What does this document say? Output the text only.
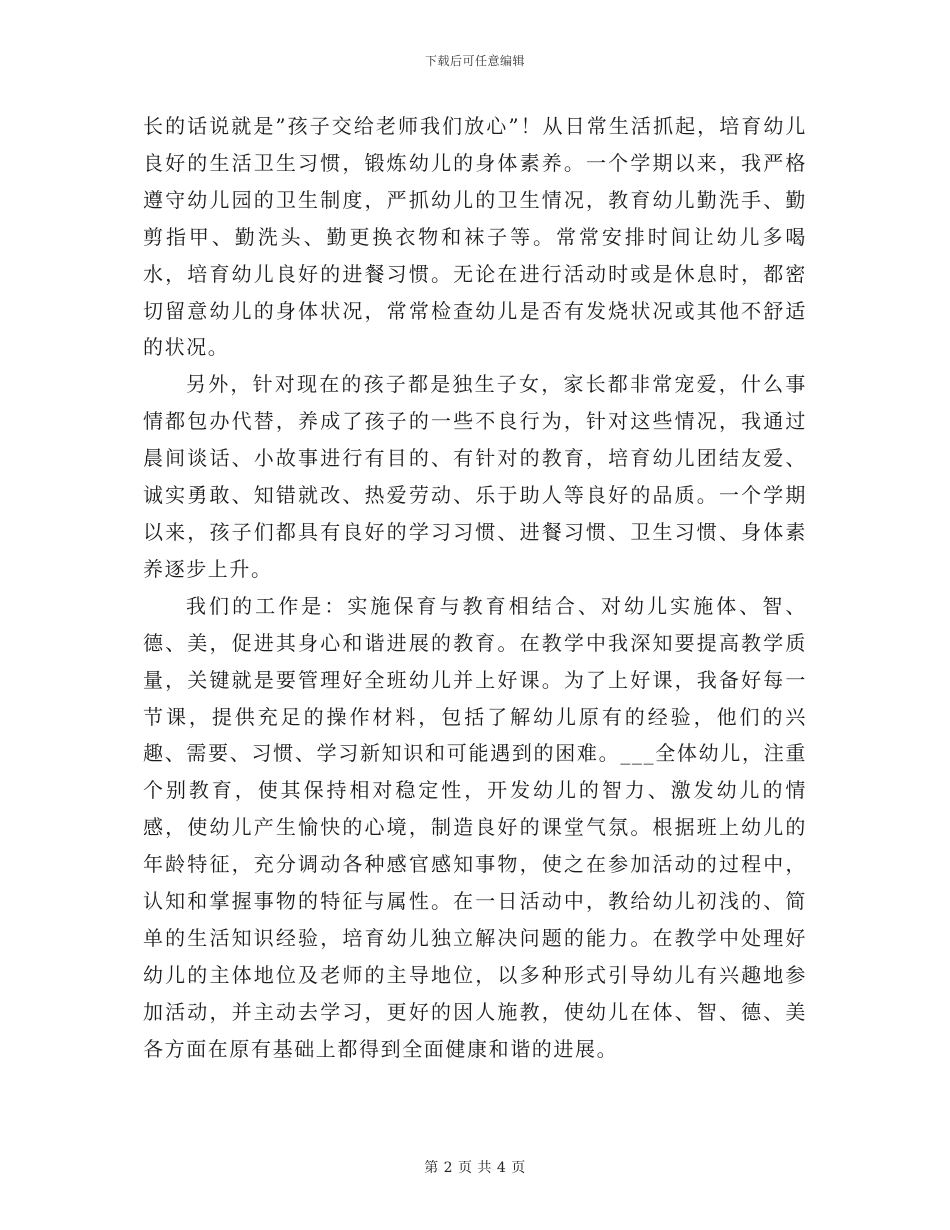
下载后可任意编辑

长的话说就是”孩子交给老师我们放心”！从日常生活抓起，培育幼儿良好的生活卫生习惯，锻炼幼儿的身体素养。一个学期以来，我严格遵守幼儿园的卫生制度，严抓幼儿的卫生情况，教育幼儿勤洗手、勤剪指甲、勤洗头、勤更换衣物和袜子等。常常安排时间让幼儿多喝水，培育幼儿良好的进餐习惯。无论在进行活动时或是休息时，都密切留意幼儿的身体状况，常常检查幼儿是否有发烧状况或其他不舒适的状况。

另外，针对现在的孩子都是独生子女，家长都非常宠爱，什么事情都包办代替，养成了孩子的一些不良行为，针对这些情况，我通过晨间谈话、小故事进行有目的、有针对的教育，培育幼儿团结友爱、诚实勇敢、知错就改、热爱劳动、乐于助人等良好的品质。一个学期以来，孩子们都具有良好的学习习惯、进餐习惯、卫生习惯、身体素养逐步上升。

我们的工作是：实施保育与教育相结合、对幼儿实施体、智、德、美，促进其身心和谐进展的教育。在教学中我深知要提高教学质量，关键就是要管理好全班幼儿并上好课。为了上好课，我备好每一节课，提供充足的操作材料，包括了解幼儿原有的经验，他们的兴趣、需要、习惯、学习新知识和可能遇到的困难。___全体幼儿，注重个别教育，使其保持相对稳定性，开发幼儿的智力、激发幼儿的情感，使幼儿产生愉快的心境，制造良好的课堂气氛。根据班上幼儿的年龄特征，充分调动各种感官感知事物，使之在参加活动的过程中，认知和掌握事物的特征与属性。在一日活动中，教给幼儿初浅的、简单的生活知识经验，培育幼儿独立解决问题的能力。在教学中处理好幼儿的主体地位及老师的主导地位，以多种形式引导幼儿有兴趣地参加活动，并主动去学习，更好的因人施教，使幼儿在体、智、德、美各方面在原有基础上都得到全面健康和谐的进展。

第 2 页 共 4 页
